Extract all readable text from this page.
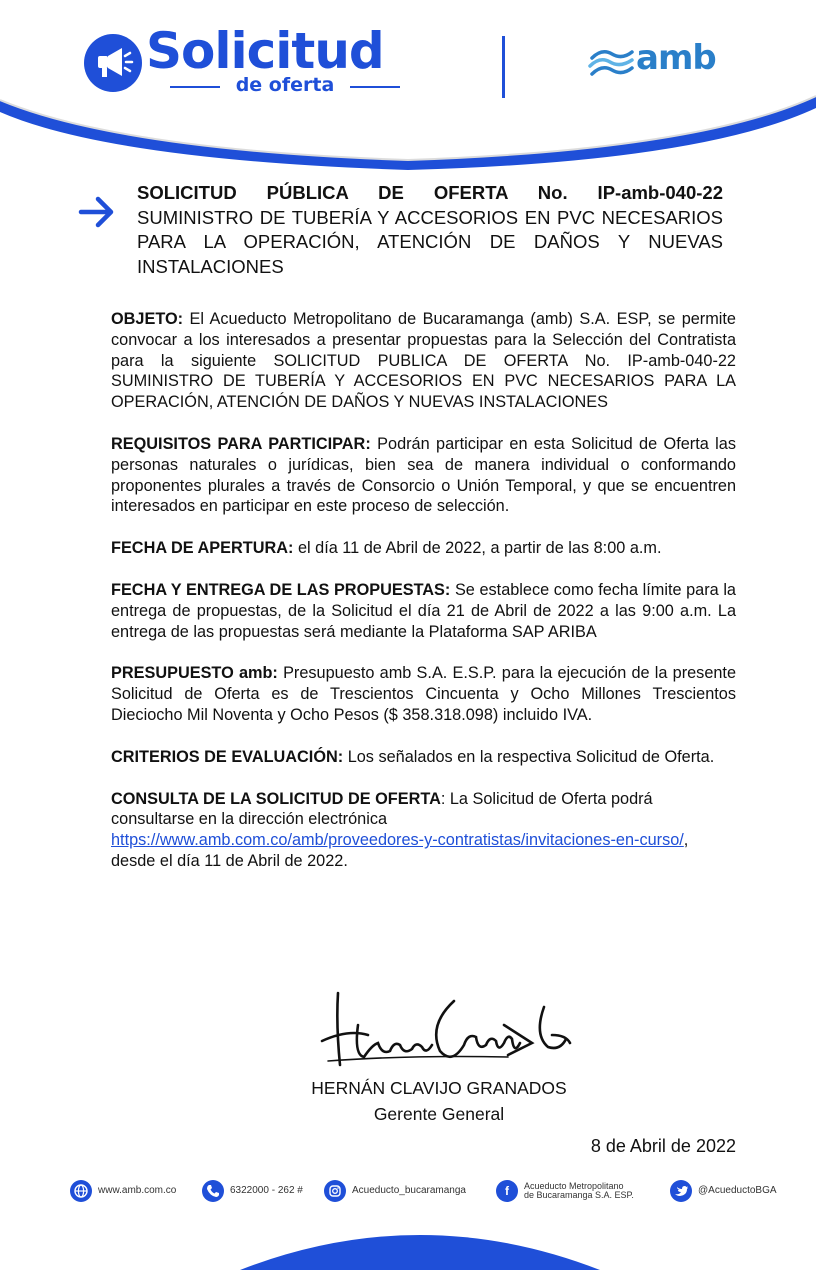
Solicitud
de oferta
amb
SOLICITUD PÚBLICA DE OFERTA No. IP-amb-040-22
SUMINISTRO DE TUBERÍA Y ACCESORIOS EN PVC NECESARIOS PARA LA OPERACIÓN, ATENCIÓN DE DAÑOS Y NUEVAS INSTALACIONES

OBJETO: El Acueducto Metropolitano de Bucaramanga (amb) S.A. ESP, se permite convocar a los interesados a presentar propuestas para la Selección del Contratista para la siguiente SOLICITUD PUBLICA DE OFERTA No. IP-amb-040-22 SUMINISTRO DE TUBERÍA Y ACCESORIOS EN PVC NECESARIOS PARA LA OPERACIÓN, ATENCIÓN DE DAÑOS Y NUEVAS INSTALACIONES

REQUISITOS PARA PARTICIPAR: Podrán participar en esta Solicitud de Oferta las personas naturales o jurídicas, bien sea de manera individual o conformando proponentes plurales a través de Consorcio o Unión Temporal, y que se encuentren interesados en participar en este proceso de selección.

FECHA DE APERTURA: el día 11 de Abril de 2022, a partir de las 8:00 a.m.

FECHA Y ENTREGA DE LAS PROPUESTAS: Se establece como fecha límite para la entrega de propuestas, de la Solicitud el día 21 de Abril de 2022 a las 9:00 a.m. La entrega de las propuestas será mediante la Plataforma SAP ARIBA

PRESUPUESTO amb: Presupuesto amb S.A. E.S.P. para la ejecución de la presente Solicitud de Oferta es de Trescientos Cincuenta y Ocho Millones Trescientos Dieciocho Mil Noventa y Ocho Pesos ($ 358.318.098) incluido IVA.

CRITERIOS DE EVALUACIÓN: Los señalados en la respectiva Solicitud de Oferta.

CONSULTA DE LA SOLICITUD DE OFERTA: La Solicitud de Oferta podrá consultarse en la dirección electrónica
https://www.amb.com.co/amb/proveedores-y-contratistas/invitaciones-en-curso/, desde el día 11 de Abril de 2022.

HERNÁN CLAVIJO GRANADOS
Gerente General
8 de Abril de 2022
www.amb.com.co	6322000 - 262 #	Acueducto_bucaramanga	f	Acueducto Metropolitano
de Bucaramanga S.A. ESP.	@AcueductoBGA
